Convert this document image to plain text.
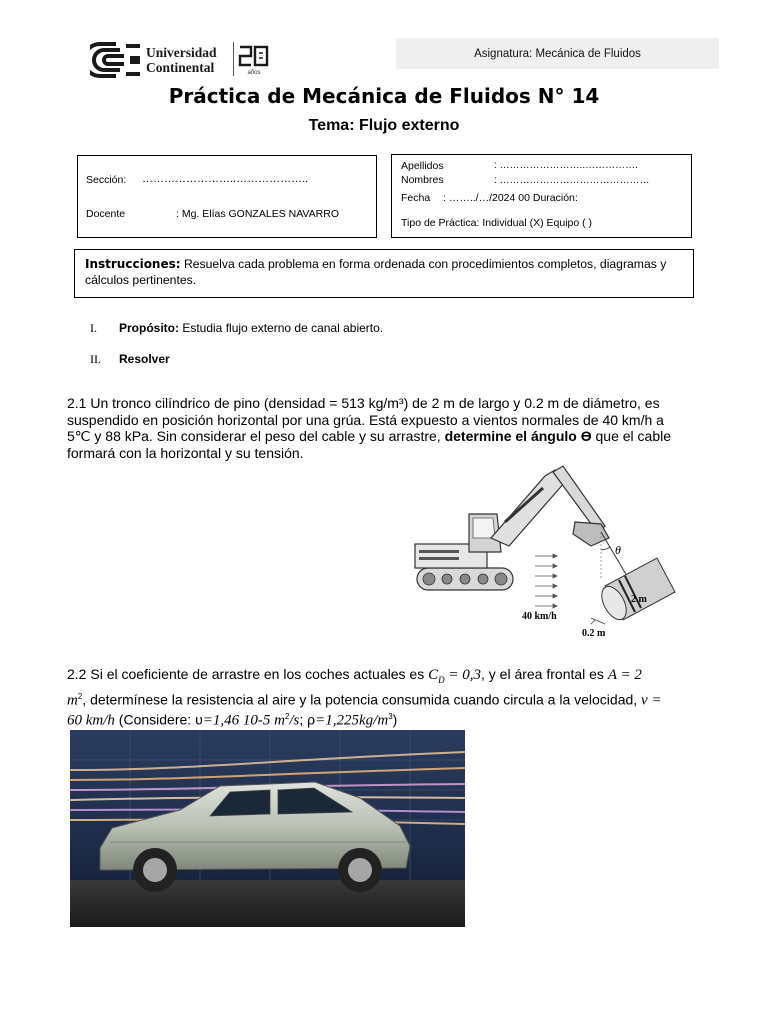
Universidad
Continental	años
Asignatura: Mecánica de Fluidos
Práctica de Mecánica de Fluidos N° 14
Tema: Flujo externo
Sección: ……………………..………………..
Docente	: Mg. Elías GONZALES NAVARRO
Apellidos	: ……………………..…………….
Nombres	: ………………………………………
Fecha : ……../…/2024 00 Duración:
Tipo de Práctica: Individual (X) Equipo ( )
Instrucciones: Resuelva cada problema en forma ordenada con procedimientos completos, diagramas y cálculos pertinentes.
I. Propósito: Estudia flujo externo de canal abierto.
II. Resolver
2.1 Un tronco cilíndrico de pino (densidad = 513 kg/m³) de 2 m de largo y 0.2 m de diámetro, es
suspendido en posición horizontal por una grúa. Está expuesto a vientos normales de 40 km/h a
5℃ y 88 kPa. Sin considerar el peso del cable y su arrastre, determine el ángulo ϴ que el cable
formará con la horizontal y su tensión.
θ
40 km/h
2 m
0.2 m
2.2 Si el coeficiente de arrastre en los coches actuales es $C_D = 0,3$, y el área frontal es A = 2
$m^2$, determínese la resistencia al aire y la potencia consumida cuando circula a la velocidad, v =
60 km/h (Considere: υ=1,46 10-5 $m^2/s$; $\rho=1,225kg/m^3$)
